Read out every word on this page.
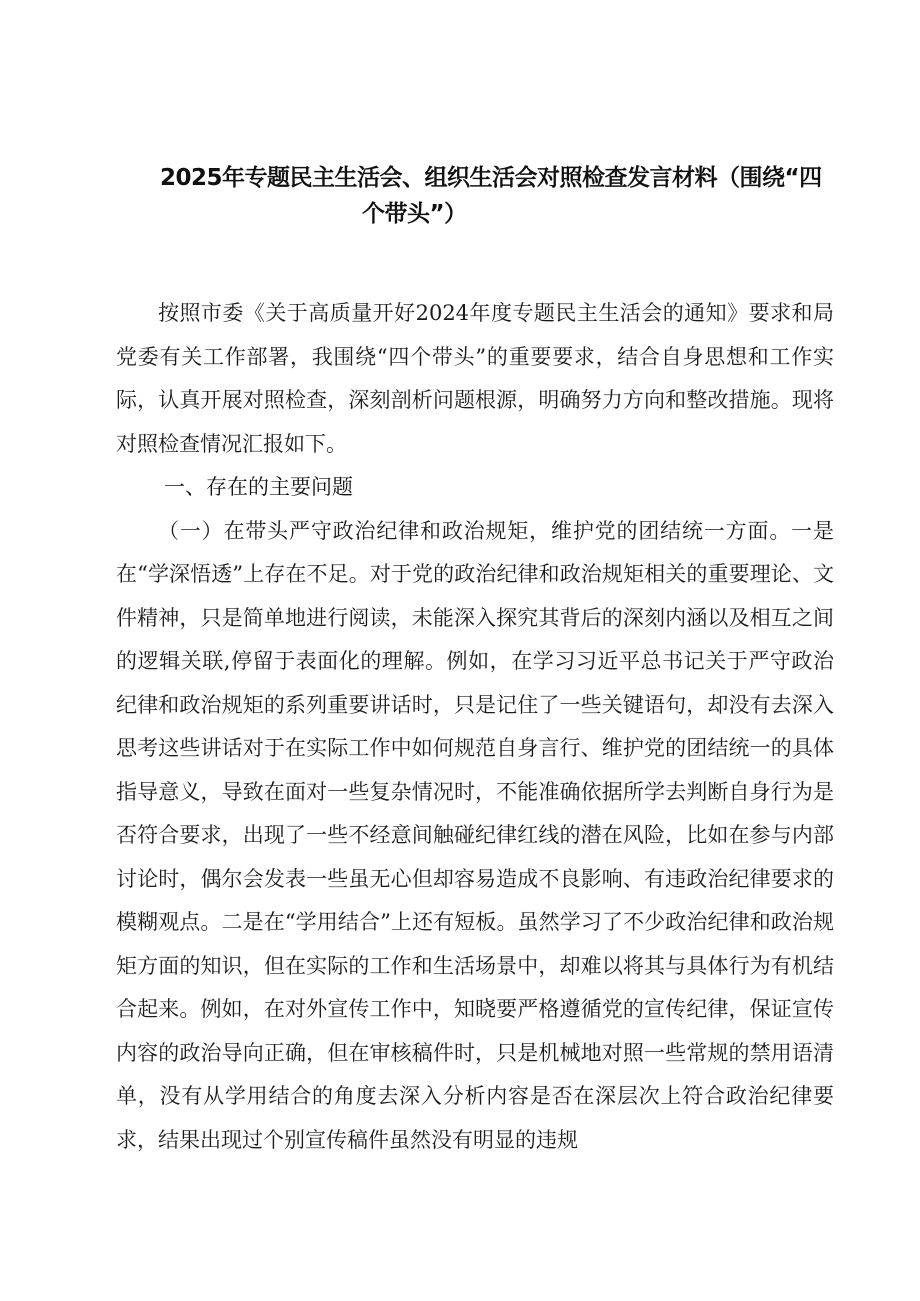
2025年专题民主生活会、组织生活会对照检查发言材料（围绕“四
个带头”）

按照市委《关于高质量开好2024年度专题民主生活会的通知》要求和局党委有关工作部署，我围绕“四个带头”的重要要求，结合自身思想和工作实际，认真开展对照检查，深刻剖析问题根源，明确努力方向和整改措施。现将对照检查情况汇报如下。

一、存在的主要问题

（一）在带头严守政治纪律和政治规矩，维护党的团结统一方面。一是在“学深悟透”上存在不足。对于党的政治纪律和政治规矩相关的重要理论、文件精神，只是简单地进行阅读，未能深入探究其背后的深刻内涵以及相互之间的逻辑关联,停留于表面化的理解。例如，在学习习近平总书记关于严守政治纪律和政治规矩的系列重要讲话时，只是记住了一些关键语句，却没有去深入思考这些讲话对于在实际工作中如何规范自身言行、维护党的团结统一的具体指导意义，导致在面对一些复杂情况时，不能准确依据所学去判断自身行为是否符合要求，出现了一些不经意间触碰纪律红线的潜在风险，比如在参与内部讨论时，偶尔会发表一些虽无心但却容易造成不良影响、有违政治纪律要求的模糊观点。二是在“学用结合”上还有短板。虽然学习了不少政治纪律和政治规矩方面的知识，但在实际的工作和生活场景中，却难以将其与具体行为有机结合起来。例如，在对外宣传工作中，知晓要严格遵循党的宣传纪律，保证宣传内容的政治导向正确，但在审核稿件时，只是机械地对照一些常规的禁用语清单，没有从学用结合的角度去深入分析内容是否在深层次上符合政治纪律要求，结果出现过个别宣传稿件虽然没有明显的违规
